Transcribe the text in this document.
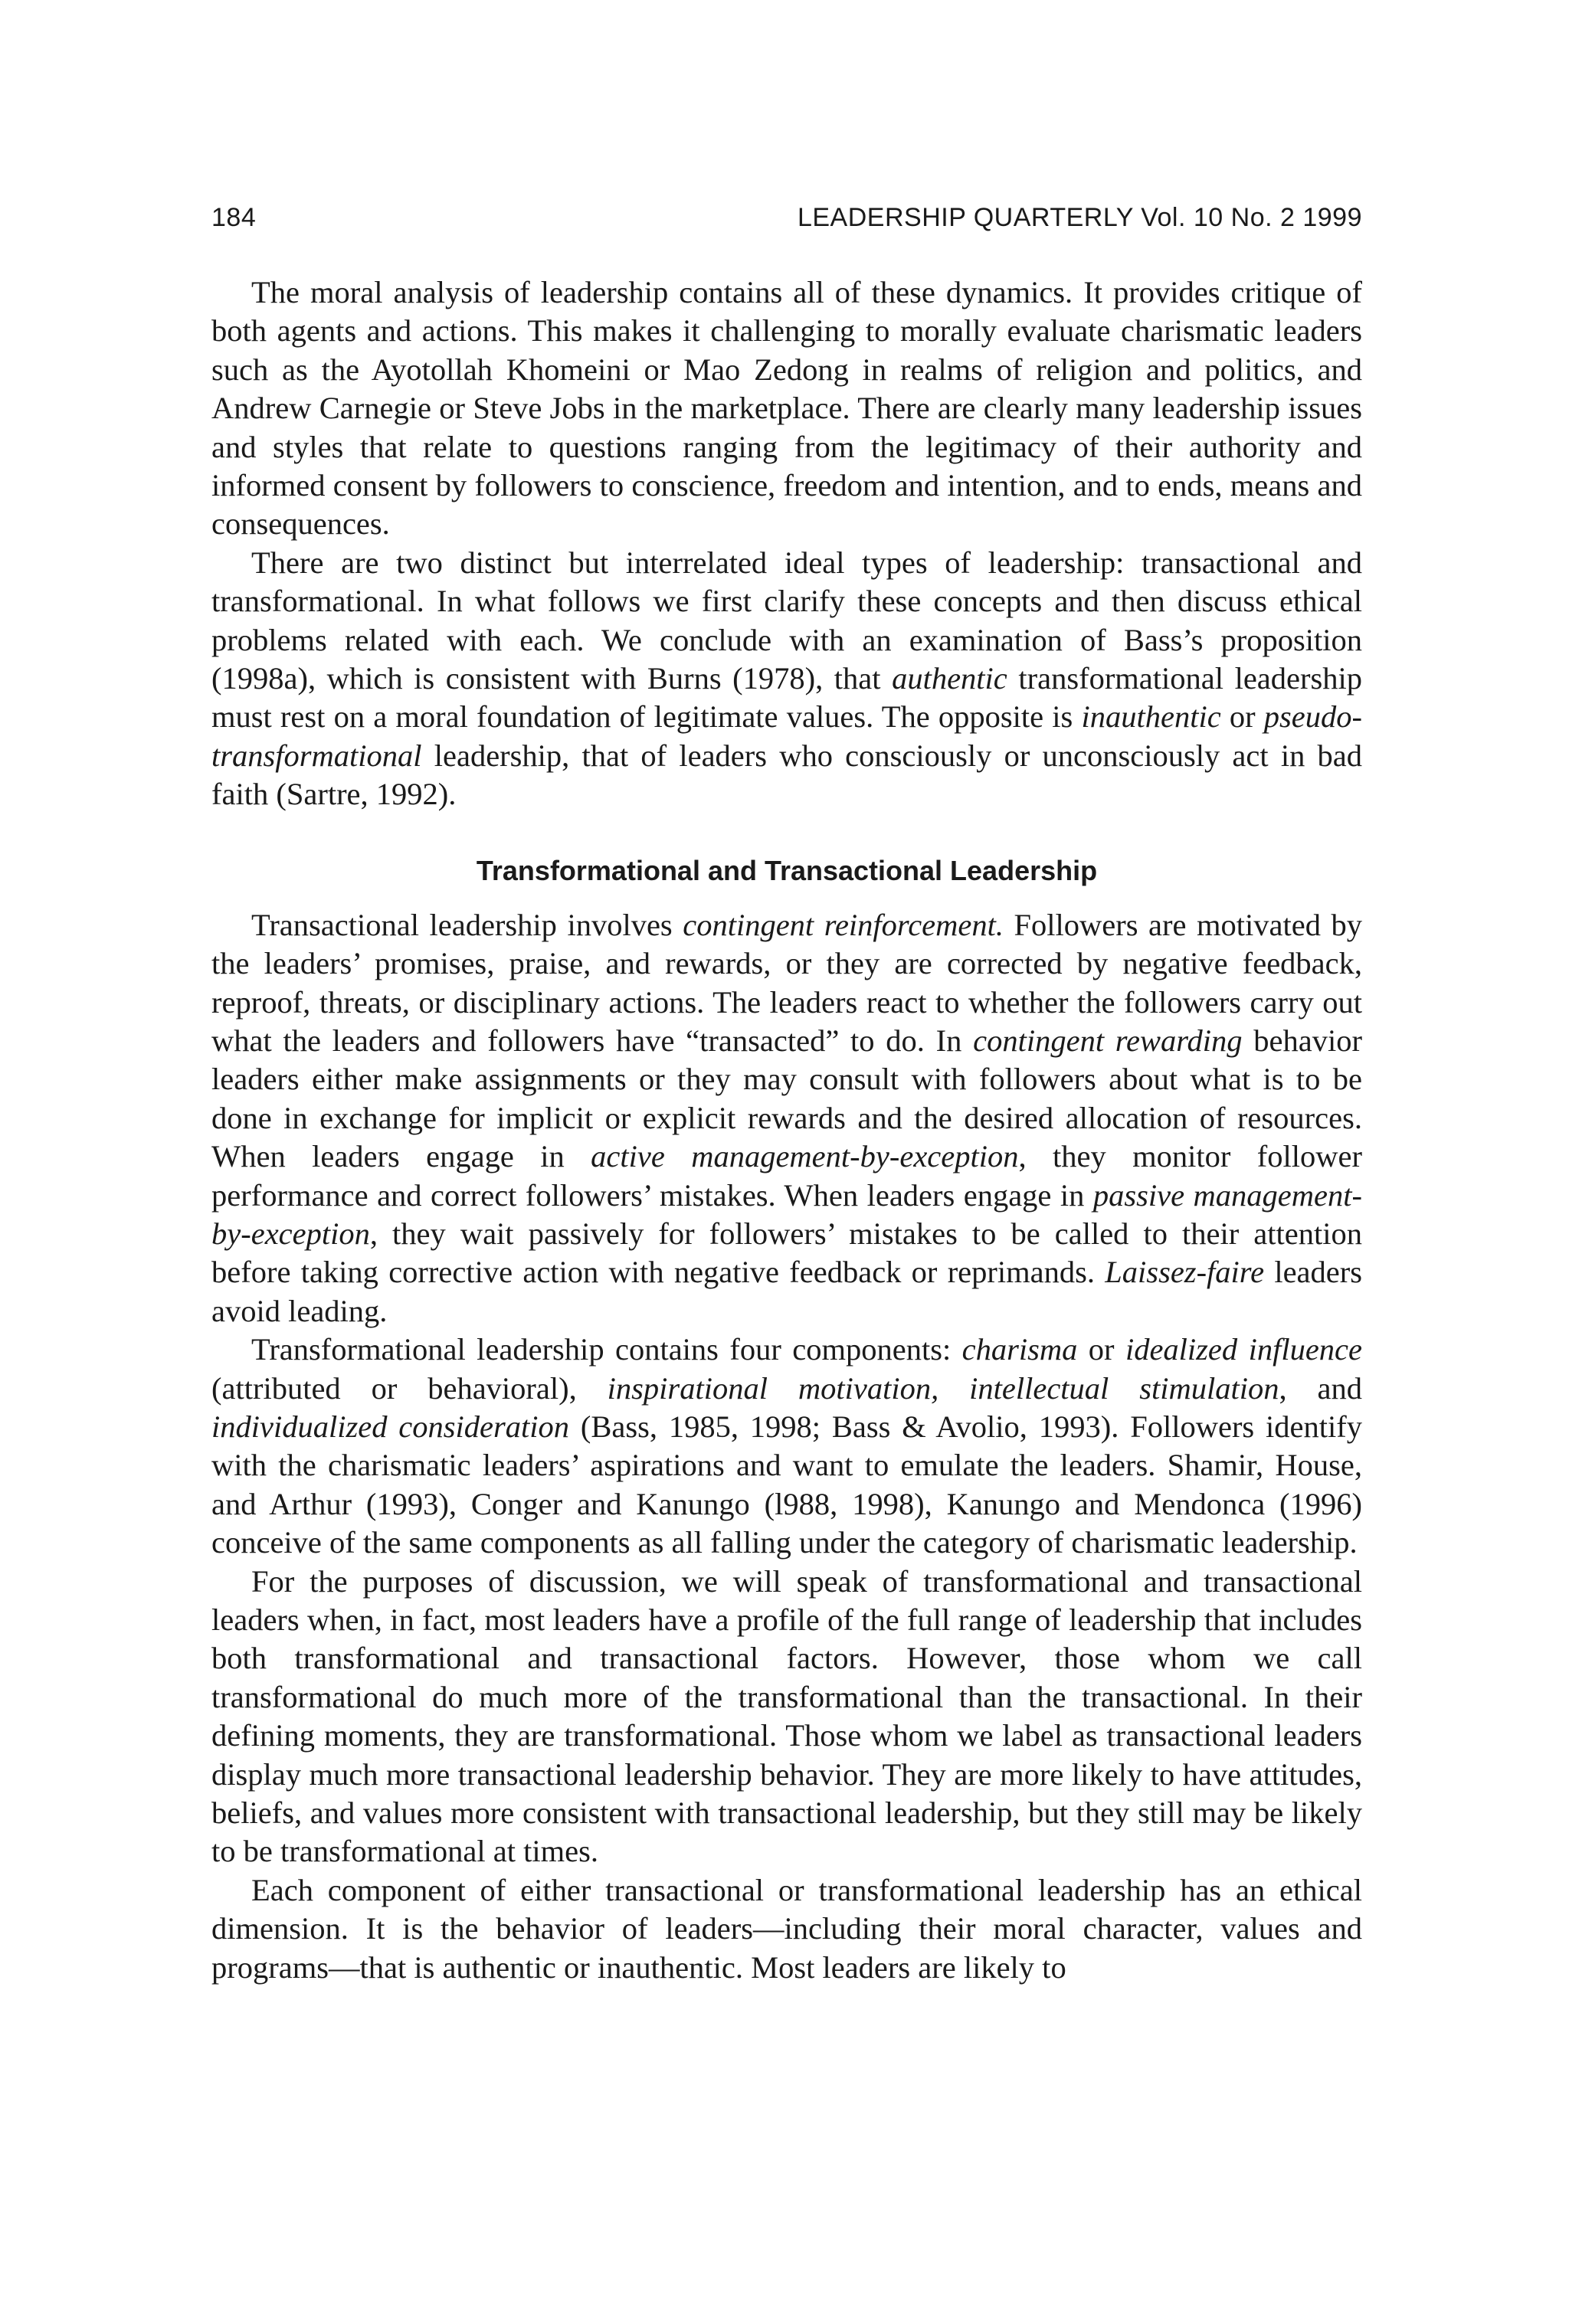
184	LEADERSHIP QUARTERLY Vol. 10 No. 2 1999

The moral analysis of leadership contains all of these dynamics. It provides critique of both agents and actions. This makes it challenging to morally evaluate charismatic leaders such as the Ayotollah Khomeini or Mao Zedong in realms of religion and politics, and Andrew Carnegie or Steve Jobs in the marketplace. There are clearly many leadership issues and styles that relate to questions ranging from the legitimacy of their authority and informed consent by followers to conscience, freedom and intention, and to ends, means and consequences.

There are two distinct but interrelated ideal types of leadership: transactional and transformational. In what follows we first clarify these concepts and then discuss ethical problems related with each. We conclude with an examination of Bass’s proposition (1998a), which is consistent with Burns (1978), that authentic transformational leadership must rest on a moral foundation of legitimate values. The opposite is inauthentic or pseudo-transformational leadership, that of leaders who consciously or unconsciously act in bad faith (Sartre, 1992).

Transformational and Transactional Leadership

Transactional leadership involves contingent reinforcement. Followers are motivated by the leaders’ promises, praise, and rewards, or they are corrected by negative feedback, reproof, threats, or disciplinary actions. The leaders react to whether the followers carry out what the leaders and followers have “transacted” to do. In contingent rewarding behavior leaders either make assignments or they may consult with followers about what is to be done in exchange for implicit or explicit rewards and the desired allocation of resources. When leaders engage in active management-by-exception, they monitor follower performance and correct followers’ mistakes. When leaders engage in passive management-by-exception, they wait passively for followers’ mistakes to be called to their attention before taking corrective action with negative feedback or reprimands. Laissez-faire leaders avoid leading.

Transformational leadership contains four components: charisma or idealized influence (attributed or behavioral), inspirational motivation, intellectual stimulation, and individualized consideration (Bass, 1985, 1998; Bass & Avolio, 1993). Followers identify with the charismatic leaders’ aspirations and want to emulate the leaders. Shamir, House, and Arthur (1993), Conger and Kanungo (l988, 1998), Kanungo and Mendonca (1996) conceive of the same components as all falling under the category of charismatic leadership.

For the purposes of discussion, we will speak of transformational and transactional leaders when, in fact, most leaders have a profile of the full range of leadership that includes both transformational and transactional factors. However, those whom we call transformational do much more of the transformational than the transactional. In their defining moments, they are transformational. Those whom we label as transactional leaders display much more transactional leadership behavior. They are more likely to have attitudes, beliefs, and values more consistent with transactional leadership, but they still may be likely to be transformational at times.

Each component of either transactional or transformational leadership has an ethical dimension. It is the behavior of leaders—including their moral character, values and programs—that is authentic or inauthentic. Most leaders are likely to
